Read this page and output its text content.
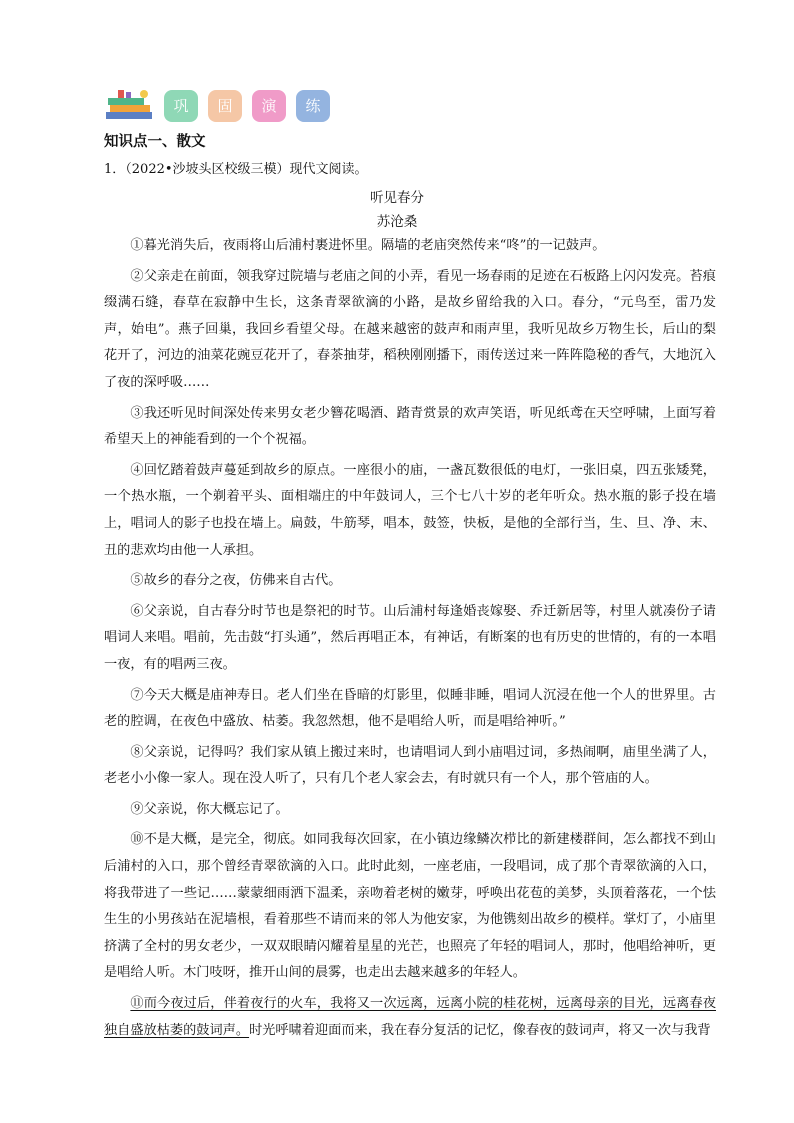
巩	固	演	练
知识点一、散文
1．（2022•沙坡头区校级三模）现代文阅读。
听见春分
苏沧桑

①暮光消失后，夜雨将山后浦村裹进怀里。隔墙的老庙突然传来“咚”的一记鼓声。

②父亲走在前面，领我穿过院墙与老庙之间的小弄，看见一场春雨的足迹在石板路上闪闪发亮。苔痕缀满石缝，春草在寂静中生长，这条青翠欲滴的小路，是故乡留给我的入口。春分，“元鸟至，雷乃发声，始电”。燕子回巢，我回乡看望父母。在越来越密的鼓声和雨声里，我听见故乡万物生长，后山的梨花开了，河边的油菜花豌豆花开了，春茶抽芽，稻秧刚刚播下，雨传送过来一阵阵隐秘的香气，大地沉入了夜的深呼吸……

③我还听见时间深处传来男女老少簪花喝酒、踏青赏景的欢声笑语，听见纸鸢在天空呼啸，上面写着希望天上的神能看到的一个个祝福。

④回忆踏着鼓声蔓延到故乡的原点。一座很小的庙，一盏瓦数很低的电灯，一张旧桌，四五张矮凳，一个热水瓶，一个剃着平头、面相端庄的中年鼓词人，三个七八十岁的老年听众。热水瓶的影子投在墙上，唱词人的影子也投在墙上。扁鼓，牛筋琴，唱本，鼓签，快板，是他的全部行当，生、旦、净、末、丑的悲欢均由他一人承担。

⑤故乡的春分之夜，仿佛来自古代。

⑥父亲说，自古春分时节也是祭祀的时节。山后浦村每逢婚丧嫁娶、乔迁新居等，村里人就凑份子请唱词人来唱。唱前，先击鼓“打头通”，然后再唱正本，有神话，有断案的也有历史的世情的，有的一本唱一夜，有的唱两三夜。

⑦今天大概是庙神寿日。老人们坐在昏暗的灯影里，似睡非睡，唱词人沉浸在他一个人的世界里。古老的腔调，在夜色中盛放、枯萎。我忽然想，他不是唱给人听，而是唱给神听。”

⑧父亲说，记得吗？我们家从镇上搬过来时，也请唱词人到小庙唱过词，多热闹啊，庙里坐满了人，老老小小像一家人。现在没人听了，只有几个老人家会去，有时就只有一个人，那个管庙的人。

⑨父亲说，你大概忘记了。

⑩不是大概，是完全，彻底。如同我每次回家，在小镇边缘鳞次栉比的新建楼群间，怎么都找不到山后浦村的入口，那个曾经青翠欲滴的入口。此时此刻，一座老庙，一段唱词，成了那个青翠欲滴的入口，将我带进了一些记……蒙蒙细雨洒下温柔，亲吻着老树的嫩芽，呼唤出花苞的美梦，头顶着落花，一个怯生生的小男孩站在泥墙根，看着那些不请而来的邻人为他安家，为他镌刻出故乡的模样。掌灯了，小庙里挤满了全村的男女老少，一双双眼睛闪耀着星星的光芒，也照亮了年轻的唱词人，那时，他唱给神听，更是唱给人听。木门吱呀，推开山间的晨雾，也走出去越来越多的年轻人。

⑪而今夜过后，伴着夜行的火车，我将又一次远离，远离小院的桂花树，远离母亲的目光，远离春夜独自盛放枯萎的鼓词声。时光呼啸着迎面而来，我在春分复活的记忆，像春夜的鼓词声，将又一次与我背
